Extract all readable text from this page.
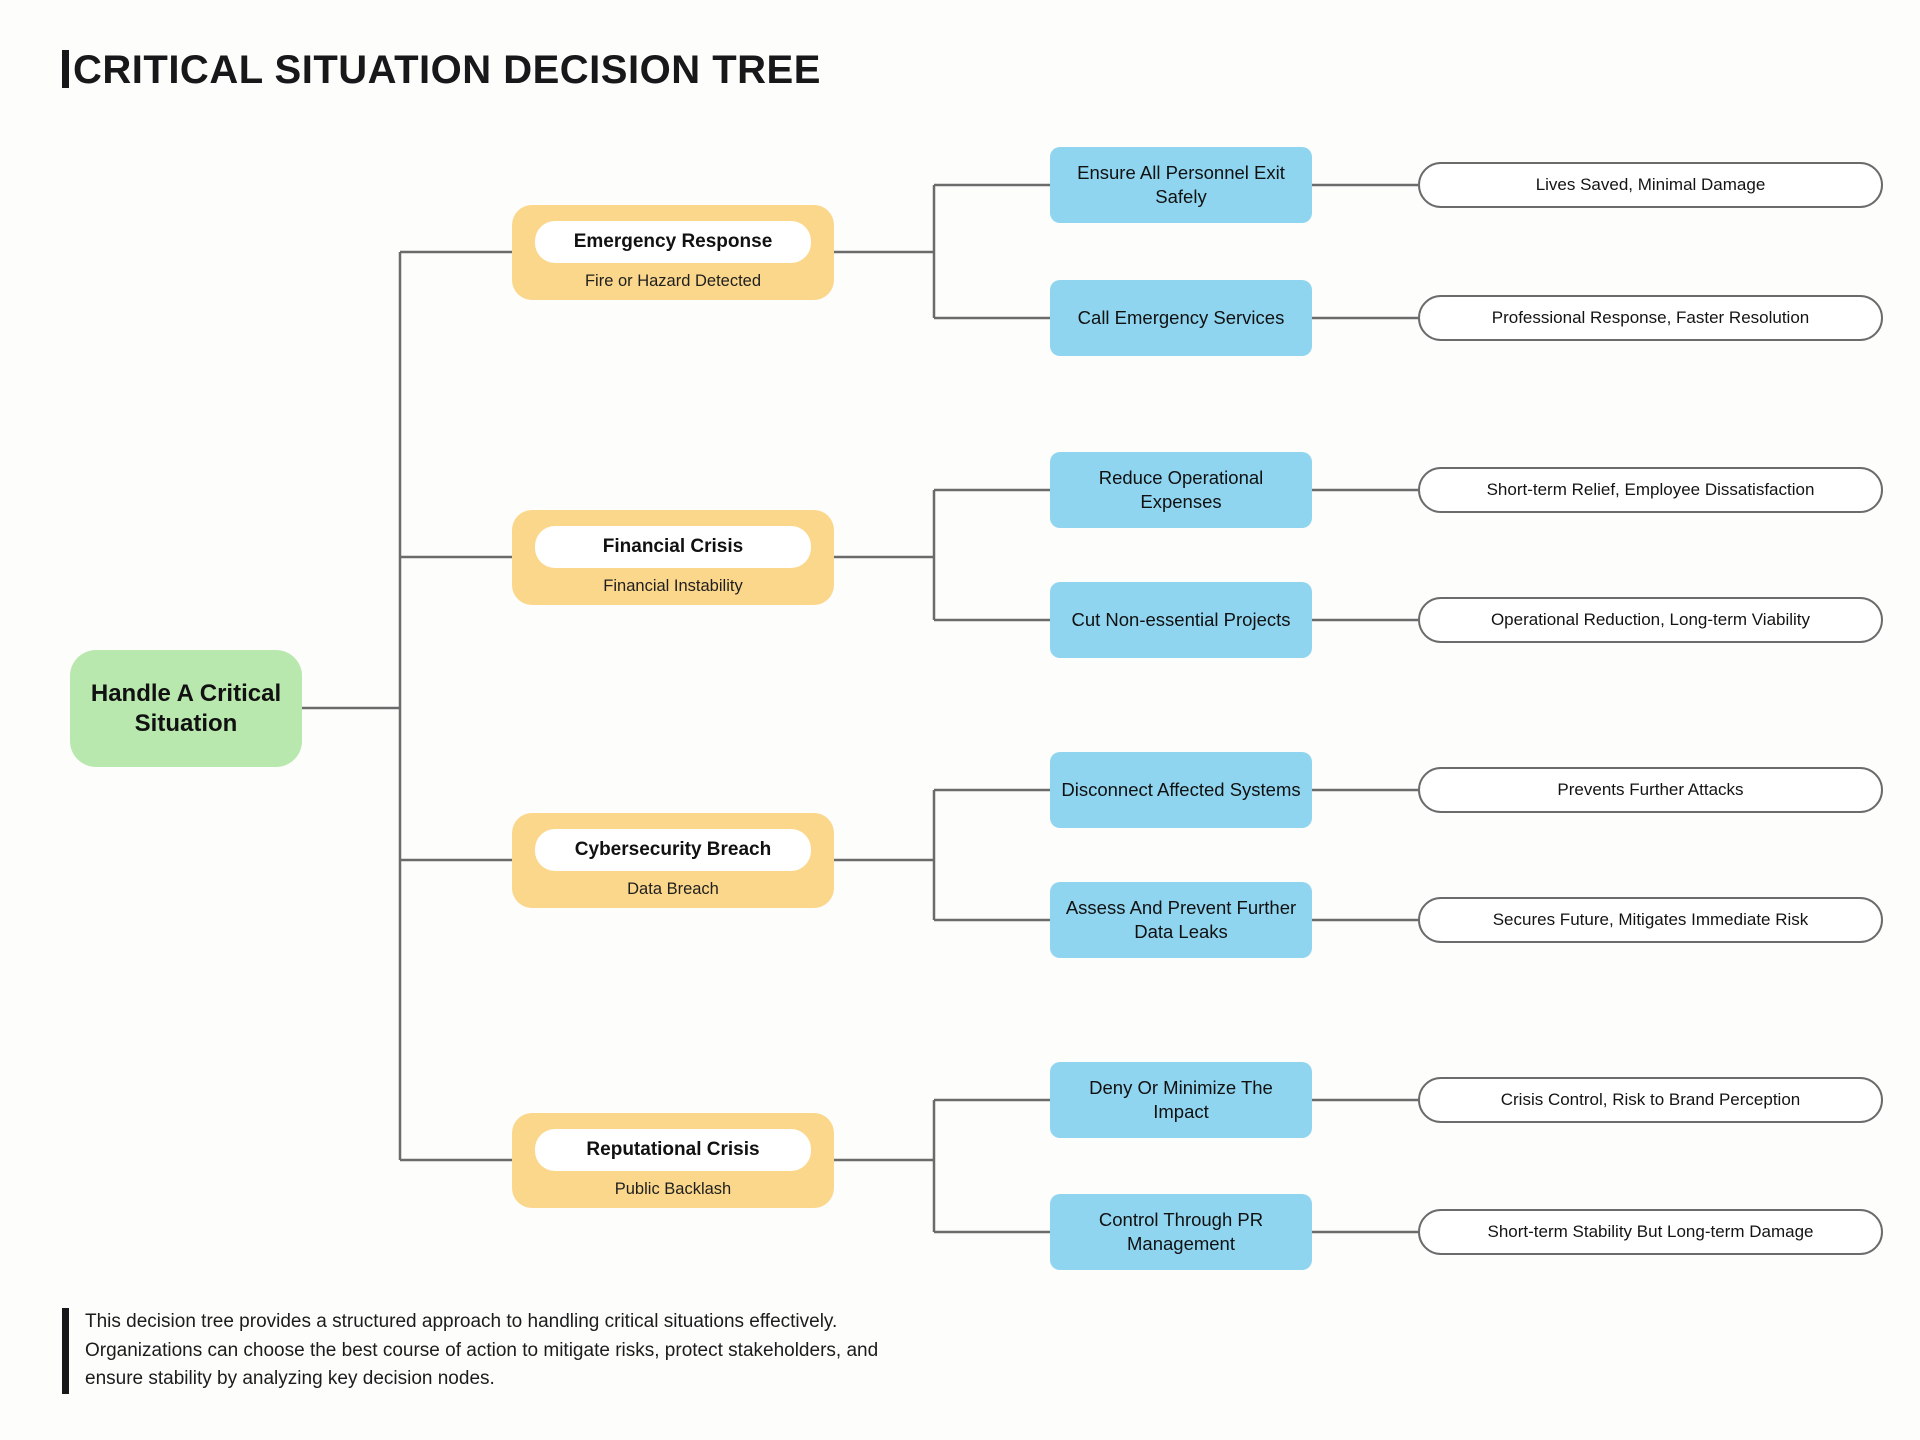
CRITICAL SITUATION DECISION TREE
Handle A Critical Situation
Emergency Response
Fire or Hazard Detected
Ensure All Personnel Exit Safely
Lives Saved, Minimal Damage
Call Emergency Services	Professional Response, Faster Resolution
Financial Crisis
Financial Instability
Reduce Operational Expenses
Short-term Relief, Employee Dissatisfaction
Cut Non-essential Projects	Operational Reduction, Long-term Viability
Cybersecurity Breach
Data Breach
Disconnect Affected Systems	Prevents Further Attacks
Assess And Prevent Further Data Leaks
Secures Future, Mitigates Immediate Risk
Reputational Crisis
Public Backlash
Deny Or Minimize The Impact
Crisis Control, Risk to Brand Perception
Control Through PR Management
Short-term Stability But Long-term Damage
This decision tree provides a structured approach to handling critical situations effectively. Organizations can choose the best course of action to mitigate risks, protect stakeholders, and ensure stability by analyzing key decision nodes.
